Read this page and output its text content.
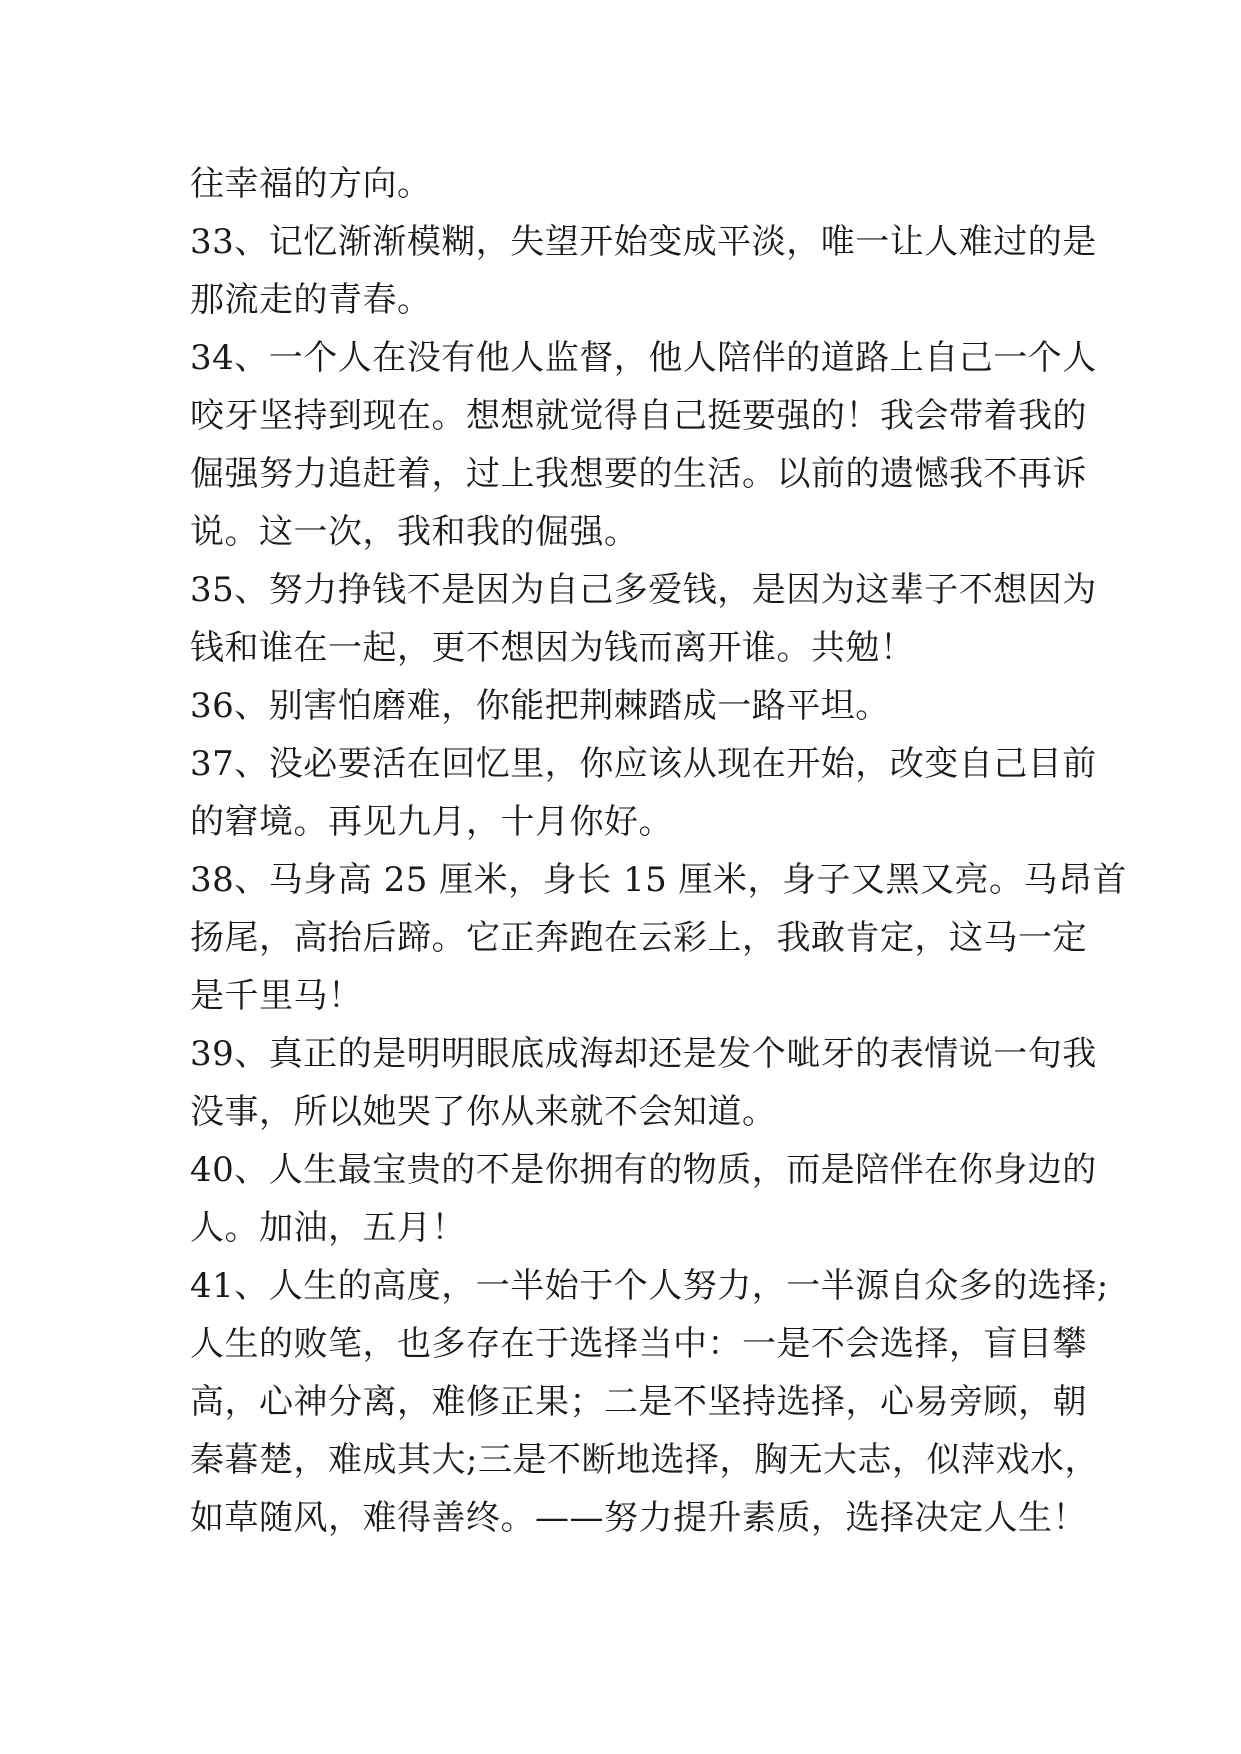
往幸福的方向。
33、记忆渐渐模糊，失望开始变成平淡，唯一让人难过的是
那流走的青春。
34、一个人在没有他人监督，他人陪伴的道路上自己一个人
咬牙坚持到现在。想想就觉得自己挺要强的！我会带着我的
倔强努力追赶着，过上我想要的生活。以前的遗憾我不再诉
说。这一次，我和我的倔强。
35、努力挣钱不是因为自己多爱钱，是因为这辈子不想因为
钱和谁在一起，更不想因为钱而离开谁。共勉！
36、别害怕磨难，你能把荆棘踏成一路平坦。
37、没必要活在回忆里，你应该从现在开始，改变自己目前
的窘境。再见九月，十月你好。
38、马身高 25 厘米，身长 15 厘米，身子又黑又亮。马昂首
扬尾，高抬后蹄。它正奔跑在云彩上，我敢肯定，这马一定
是千里马！
39、真正的是明明眼底成海却还是发个呲牙的表情说一句我
没事，所以她哭了你从来就不会知道。
40、人生最宝贵的不是你拥有的物质，而是陪伴在你身边的
人。加油，五月！
41、人生的高度，一半始于个人努力，一半源自众多的选择;
人生的败笔，也多存在于选择当中：一是不会选择，盲目攀
高，心神分离，难修正果；二是不坚持选择，心易旁顾，朝
秦暮楚，难成其大;三是不断地选择，胸无大志，似萍戏水，
如草随风，难得善终。——努力提升素质，选择决定人生！
